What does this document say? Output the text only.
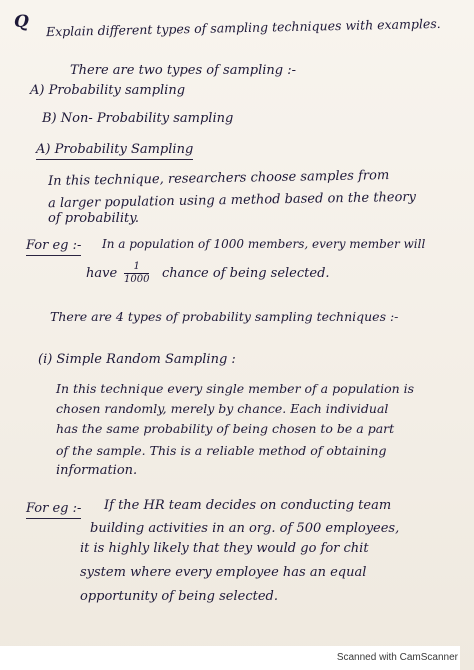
Q Explain different types of sampling techniques with examples.
There are two types of sampling :-
A) Probability sampling
B) Non- Probability sampling
A) Probability Sampling
In this technique, researchers choose samples from
a larger population using a method based on the theory
of probability.
For eg :- In a population of 1000 members, every member will
have $\frac{1}{1000}$ chance of being selected.
There are 4 types of probability sampling techniques :-
(i) Simple Random Sampling :
In this technique every single member of a population is
chosen randomly, merely by chance. Each individual
has the same probability of being chosen to be a part
of the sample. This is a reliable method of obtaining
information.
For eg :- If the HR team decides on conducting team
building activities in an org. of 500 employees,
it is highly likely that they would go for chit
system where every employee has an equal
opportunity of being selected.
Scanned with CamScanner
